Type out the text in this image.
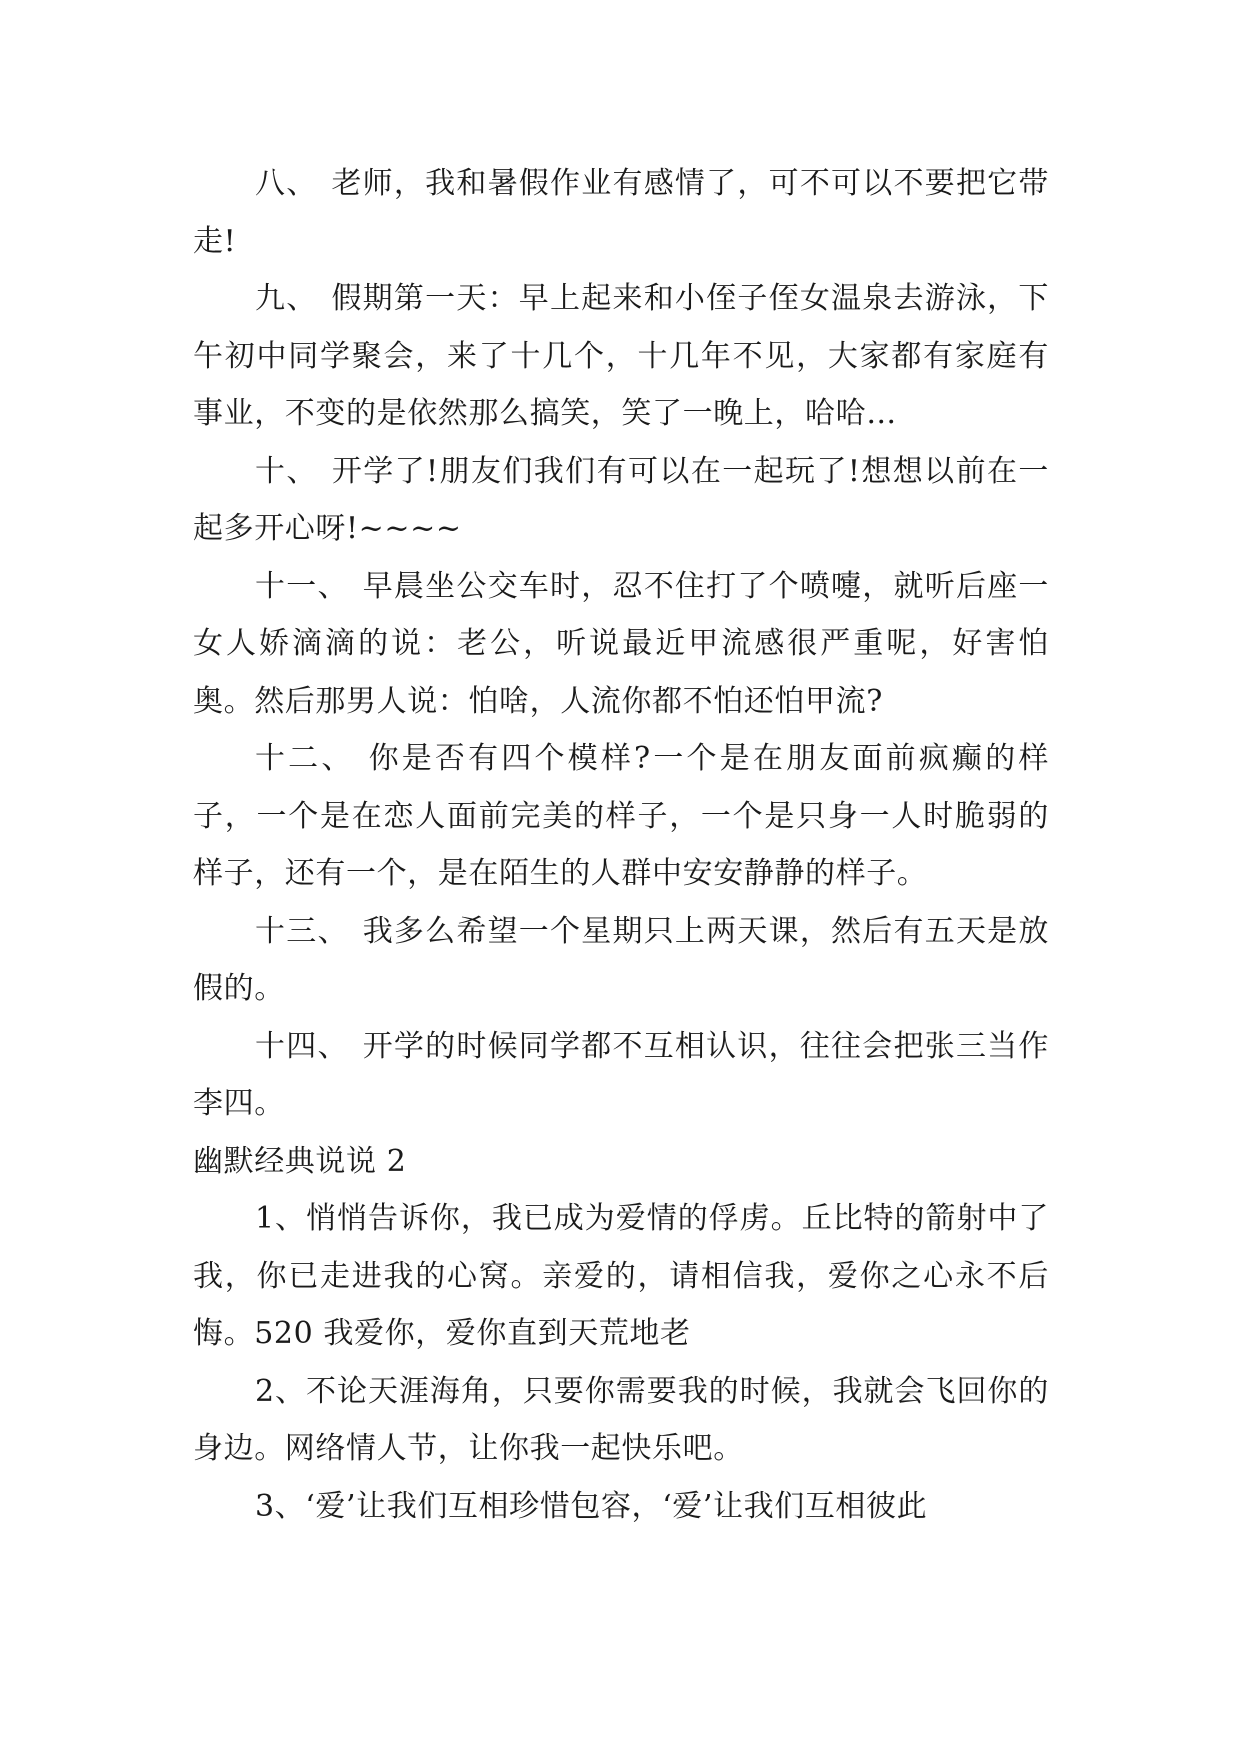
八、 老师，我和暑假作业有感情了，可不可以不要把它带走!

九、 假期第一天：早上起来和小侄子侄女温泉去游泳，下午初中同学聚会，来了十几个，十几年不见，大家都有家庭有事业，不变的是依然那么搞笑，笑了一晚上，哈哈…

十、 开学了!朋友们我们有可以在一起玩了!想想以前在一起多开心呀!~~~~

十一、 早晨坐公交车时，忍不住打了个喷嚏，就听后座一女人娇滴滴的说：老公，听说最近甲流感很严重呢，好害怕奥。然后那男人说：怕啥，人流你都不怕还怕甲流?

十二、 你是否有四个模样?一个是在朋友面前疯癫的样子，一个是在恋人面前完美的样子，一个是只身一人时脆弱的样子，还有一个，是在陌生的人群中安安静静的样子。

十三、 我多么希望一个星期只上两天课，然后有五天是放假的。

十四、 开学的时候同学都不互相认识，往往会把张三当作李四。

幽默经典说说 2

1、悄悄告诉你，我已成为爱情的俘虏。丘比特的箭射中了我，你已走进我的心窝。亲爱的，请相信我，爱你之心永不后悔。520 我爱你，爱你直到天荒地老

2、不论天涯海角，只要你需要我的时候，我就会飞回你的身边。网络情人节，让你我一起快乐吧。

3、‘爱’让我们互相珍惜包容，‘爱’让我们互相彼此
